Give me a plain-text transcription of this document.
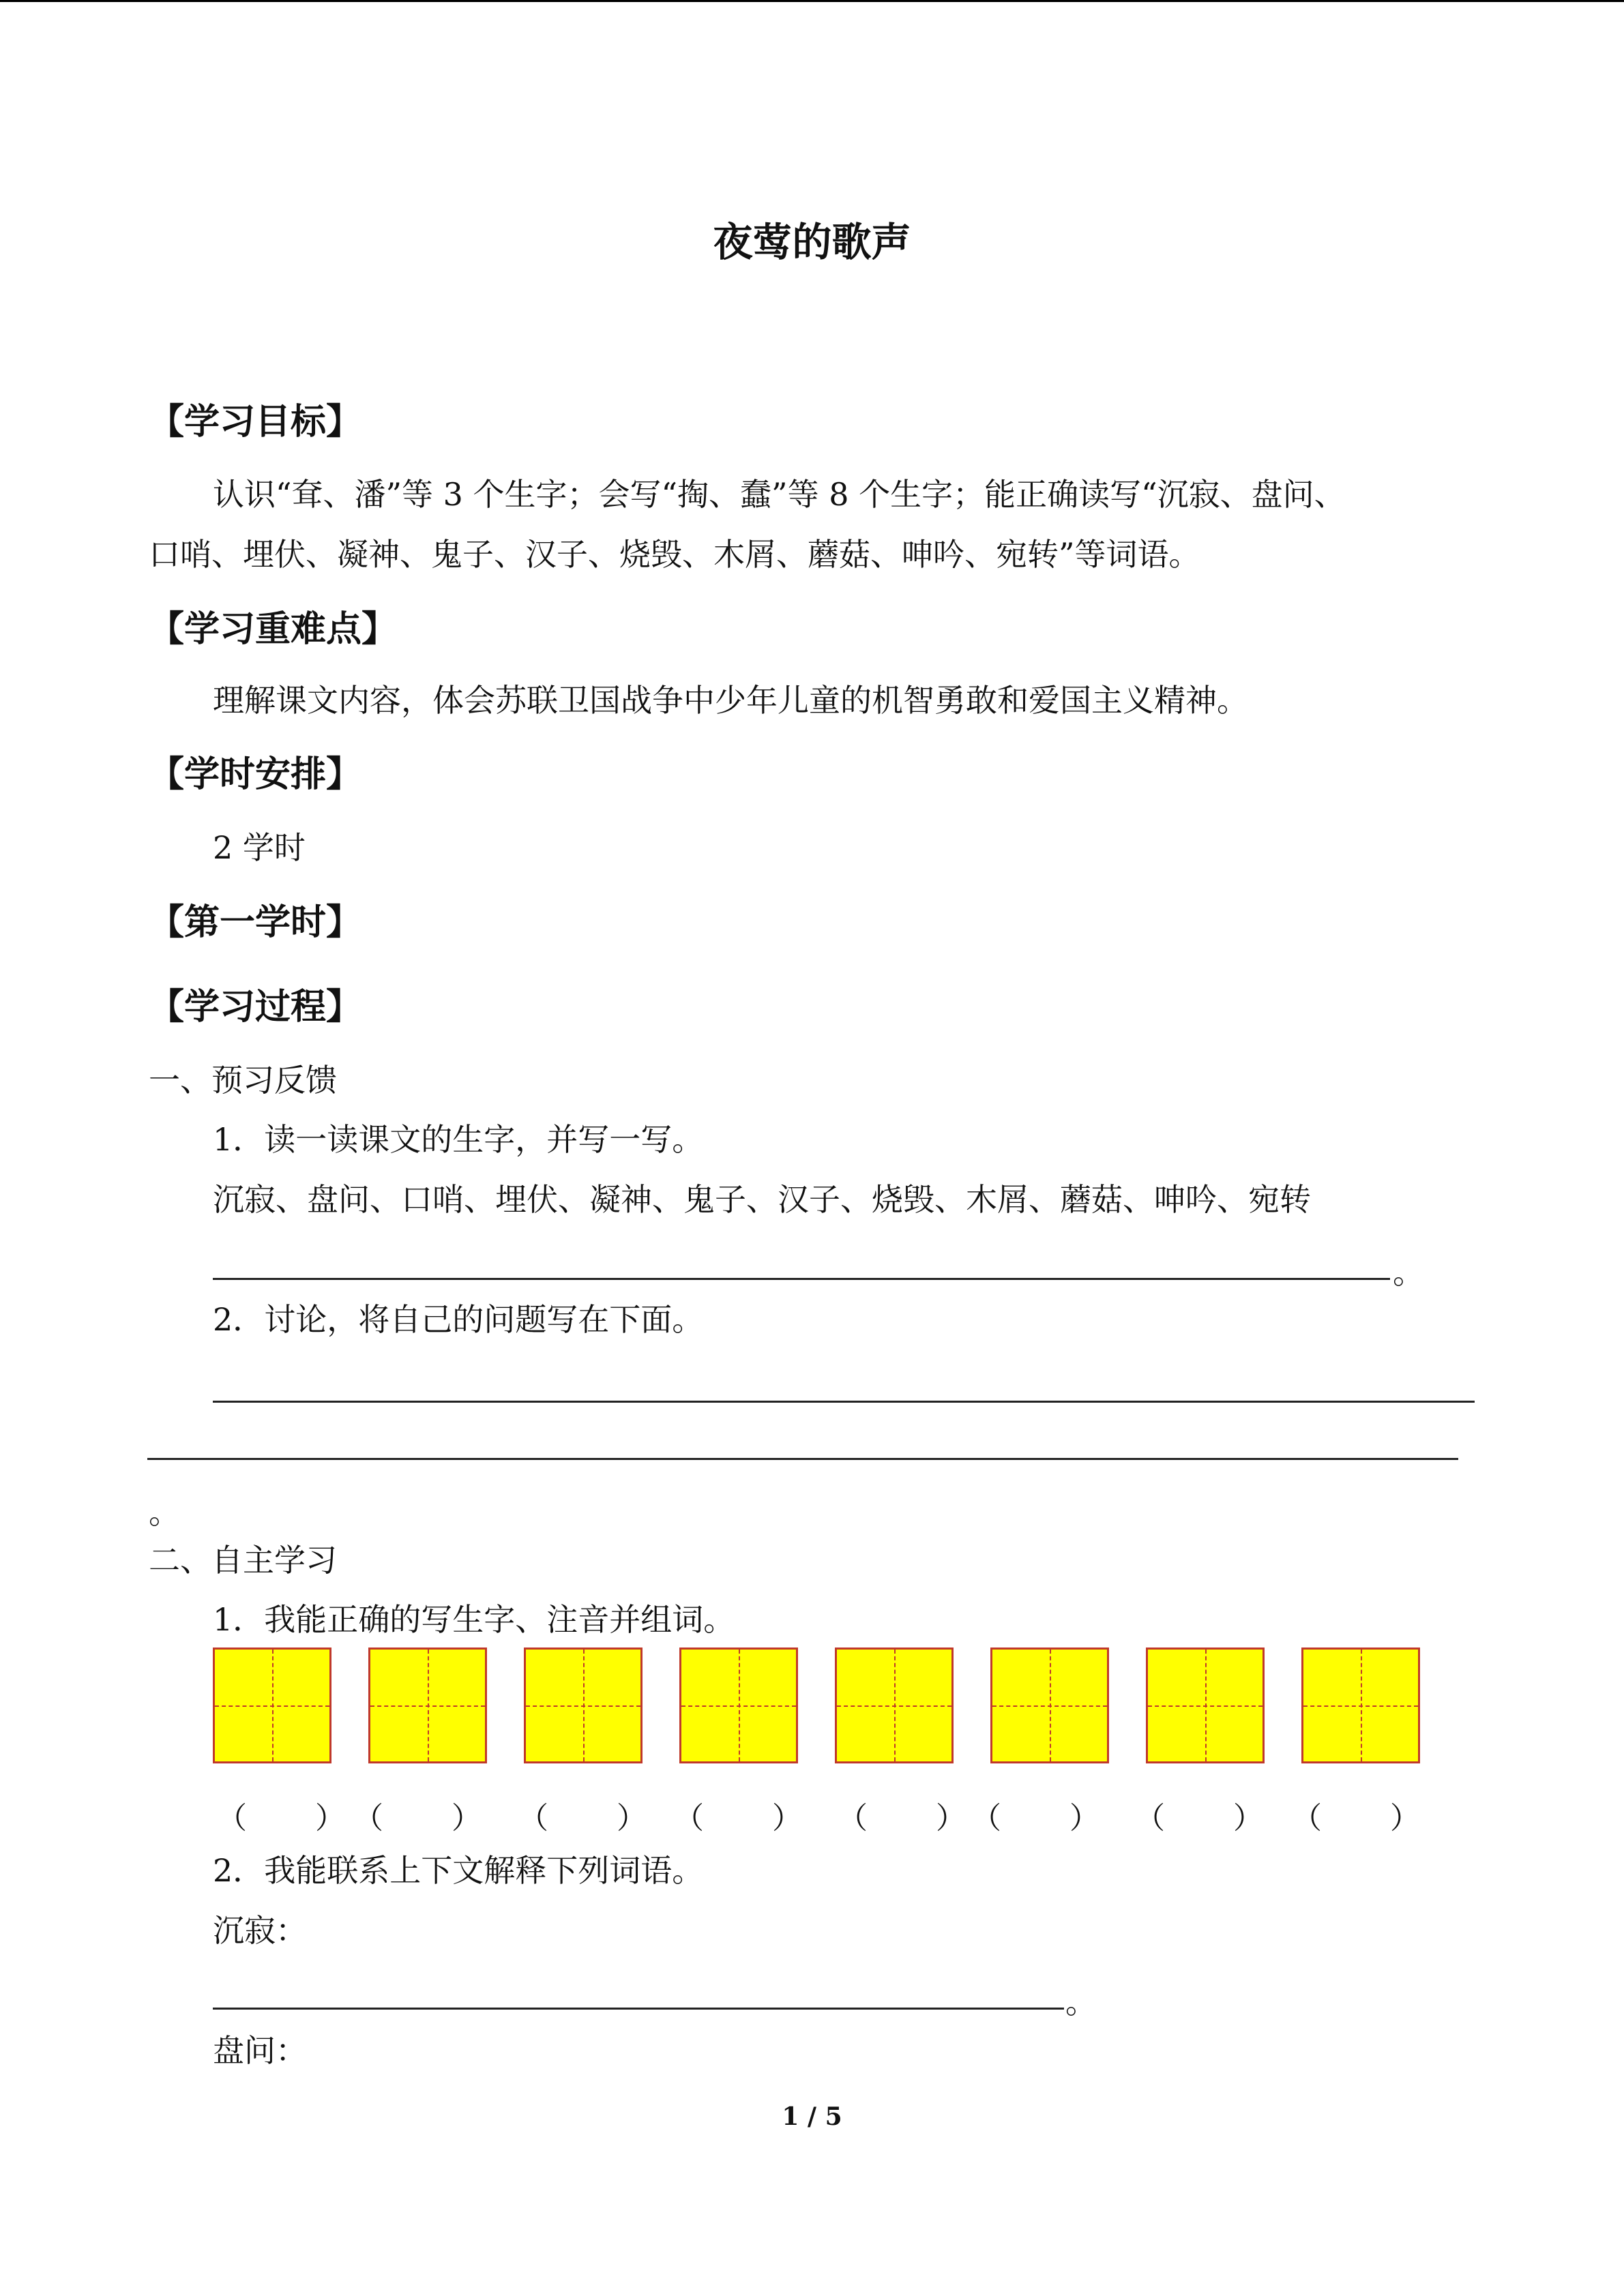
夜莺的歌声
【学习目标】
认识“耷、潘”等 3 个生字；会写“掏、蠢”等 8 个生字；能正确读写“沉寂、盘问、
口哨、埋伏、凝神、鬼子、汉子、烧毁、木屑、蘑菇、呻吟、宛转”等词语。
【学习重难点】
理解课文内容，体会苏联卫国战争中少年儿童的机智勇敢和爱国主义精神。
【学时安排】
2 学时
【第一学时】
【学习过程】
一、预习反馈
1．读一读课文的生字，并写一写。
沉寂、盘问、口哨、埋伏、凝神、鬼子、汉子、烧毁、木屑、蘑菇、呻吟、宛转
。
2．讨论，将自己的问题写在下面。
。
二、自主学习
1．我能正确的写生字、注音并组词。
（ ） （ ） （ ） （ ） （ ） （ ） （ ） （ ）
2．我能联系上下文解释下列词语。
沉寂：
。
盘问：
1 / 5
